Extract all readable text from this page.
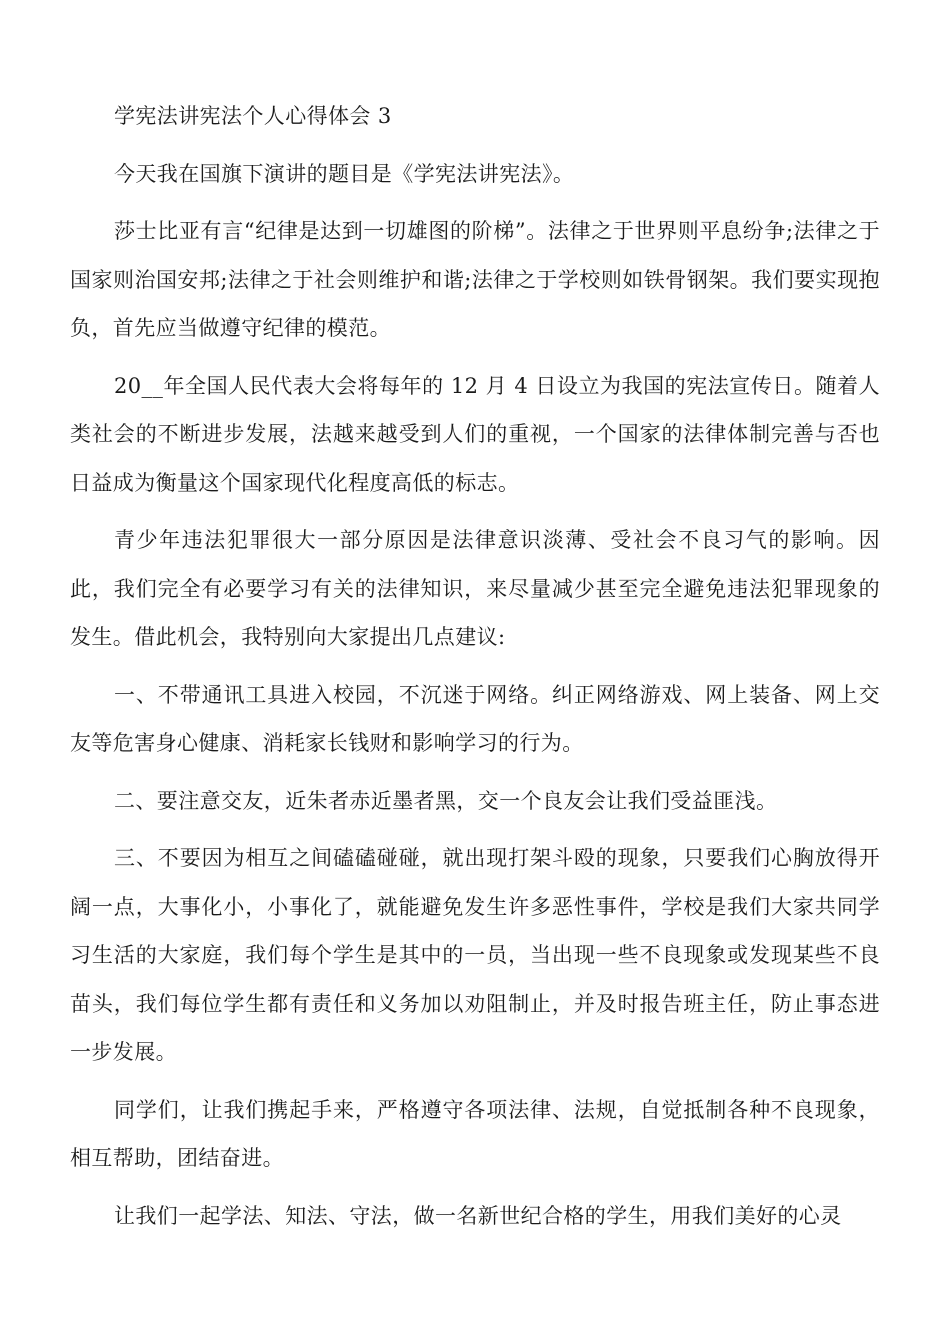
学宪法讲宪法个人心得体会 3

今天我在国旗下演讲的题目是《学宪法讲宪法》。

莎士比亚有言“纪律是达到一切雄图的阶梯”。法律之于世界则平息纷争;法律之于国家则治国安邦;法律之于社会则维护和谐;法律之于学校则如铁骨钢架。我们要实现抱负，首先应当做遵守纪律的模范。

20__年全国人民代表大会将每年的 12 月 4 日设立为我国的宪法宣传日。随着人类社会的不断进步发展，法越来越受到人们的重视，一个国家的法律体制完善与否也日益成为衡量这个国家现代化程度高低的标志。

青少年违法犯罪很大一部分原因是法律意识淡薄、受社会不良习气的影响。因此，我们完全有必要学习有关的法律知识，来尽量减少甚至完全避免违法犯罪现象的发生。借此机会，我特别向大家提出几点建议:

一、不带通讯工具进入校园，不沉迷于网络。纠正网络游戏、网上装备、网上交友等危害身心健康、消耗家长钱财和影响学习的行为。

二、要注意交友，近朱者赤近墨者黑，交一个良友会让我们受益匪浅。

三、不要因为相互之间磕磕碰碰，就出现打架斗殴的现象，只要我们心胸放得开阔一点，大事化小，小事化了，就能避免发生许多恶性事件，学校是我们大家共同学习生活的大家庭，我们每个学生是其中的一员，当出现一些不良现象或发现某些不良苗头，我们每位学生都有责任和义务加以劝阻制止，并及时报告班主任，防止事态进一步发展。

同学们，让我们携起手来，严格遵守各项法律、法规，自觉抵制各种不良现象，相互帮助，团结奋进。

让我们一起学法、知法、守法，做一名新世纪合格的学生，用我们美好的心灵
